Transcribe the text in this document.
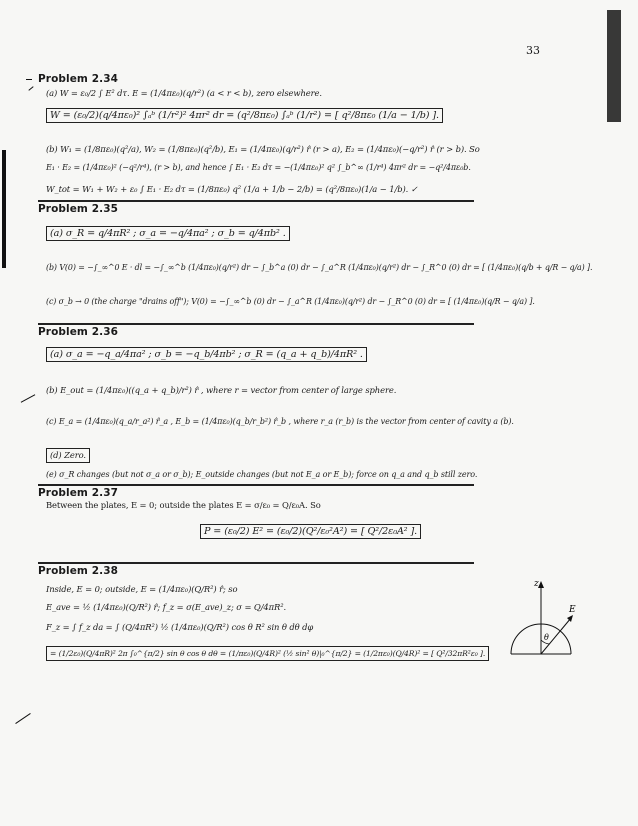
33
Problem 2.34
(a) W = ε₀/2 ∫ E² dτ. E = (1/4πε₀)(q/r²) (a < r < b), zero elsewhere.
W = (ε₀/2)(q/4πε₀)² ∫ₐᵇ (1/r²)² 4πr² dr = (q²/8πε₀) ∫ₐᵇ (1/r²) = [ q²/8πε₀ (1/a − 1/b) ].
(b) W₁ = (1/8πε₀)(q²/a), W₂ = (1/8πε₀)(q²/b), E₁ = (1/4πε₀)(q/r²) r̂ (r > a), E₂ = (1/4πε₀)(−q/r²) r̂ (r > b). So
E₁ · E₂ = (1/4πε₀)² (−q²/r⁴), (r > b), and hence ∫ E₁ · E₂ dτ = −(1/4πε₀)² q² ∫_b^∞ (1/r⁴) 4πr² dr = −q²/4πε₀b.
W_tot = W₁ + W₂ + ε₀ ∫ E₁ · E₂ dτ = (1/8πε₀) q² (1/a + 1/b − 2/b) = (q²/8πε₀)(1/a − 1/b). ✓
Problem 2.35
(a) σ_R = q/4πR² ; σ_a = −q/4πa² ; σ_b = q/4πb² .
(b) V(0) = −∫_∞^0 E · dl = −∫_∞^b (1/4πε₀)(q/r²) dr − ∫_b^a (0) dr − ∫_a^R (1/4πε₀)(q/r²) dr − ∫_R^0 (0) dr = [ (1/4πε₀)(q/b + q/R − q/a) ].
(c) σ_b → 0 (the charge "drains off"); V(0) = −∫_∞^b (0) dr − ∫_a^R (1/4πε₀)(q/r²) dr − ∫_R^0 (0) dr = [ (1/4πε₀)(q/R − q/a) ].
Problem 2.36
(a) σ_a = −q_a/4πa² ; σ_b = −q_b/4πb² ; σ_R = (q_a + q_b)/4πR² .
(b) E_out = (1/4πε₀)((q_a + q_b)/r²) r̂ , where r = vector from center of large sphere.
(c) E_a = (1/4πε₀)(q_a/r_a²) r̂_a , E_b = (1/4πε₀)(q_b/r_b²) r̂_b , where r_a (r_b) is the vector from center of cavity a (b).
(d) Zero.
(e) σ_R changes (but not σ_a or σ_b); E_outside changes (but not E_a or E_b); force on q_a and q_b still zero.
Problem 2.37
Between the plates, E = 0; outside the plates E = σ/ε₀ = Q/ε₀A. So
P = (ε₀/2) E² = (ε₀/2)(Q²/ε₀²A²) = [ Q²/2ε₀A² ].
Problem 2.38
Inside, E = 0; outside, E = (1/4πε₀)(Q/R²) r̂; so
E_ave = ½ (1/4πε₀)(Q/R²) r̂; f_z = σ(E_ave)_z; σ = Q/4πR².
F_z = ∫ f_z da = ∫ (Q/4πR²) ½ (1/4πε₀)(Q/R²) cos θ R² sin θ dθ dφ
= (1/2ε₀)(Q/4πR)² 2π ∫₀^{π/2} sin θ cos θ dθ = (1/πε₀)(Q/4R)² (½ sin² θ)|₀^{π/2} = (1/2πε₀)(Q/4R)² = [ Q²/32πR²ε₀ ].
z
E
θ
